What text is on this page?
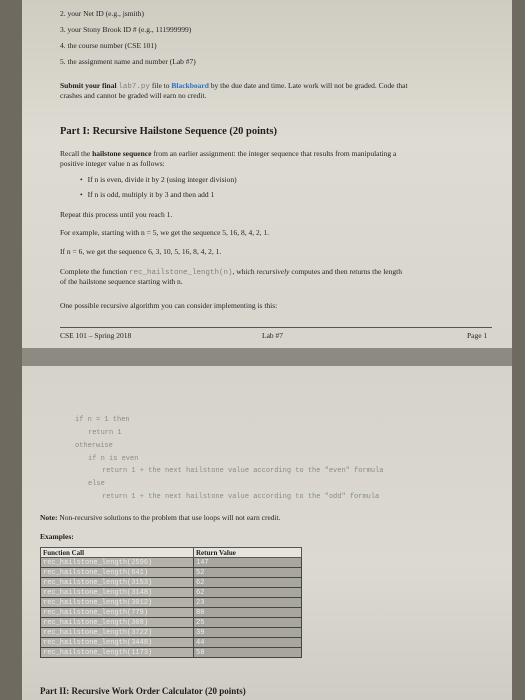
2. your Net ID (e.g., jsmith)
3. your Stony Brook ID # (e.g., 111999999)
4. the course number (CSE 101)
5. the assignment name and number (Lab #7)
Submit your final lab7.py file to Blackboard by the due date and time. Late work will not be graded. Code that
crashes and cannot be graded will earn no credit.
Part I: Recursive Hailstone Sequence (20 points)
Recall the hailstone sequence from an earlier assignment: the integer sequence that results from manipulating a
positive integer value n as follows:
• If n is even, divide it by 2 (using integer division)
• If n is odd, multiply it by 3 and then add 1
Repeat this process until you reach 1.
For example, starting with n = 5, we get the sequence 5, 16, 8, 4, 2, 1.
If n = 6, we get the sequence 6, 3, 10, 5, 16, 8, 4, 2, 1.
Complete the function rec_hailstone_length(n), which recursively computes and then returns the length
of the hailstone sequence starting with n.
One possible recursive algorithm you can consider implementing is this:
CSE 101 – Spring 2018	Lab #7	Page 1
if n = 1 then
return 1
otherwise
if n is even
return 1 + the next hailstone value according to the "even" formula
else
return 1 + the next hailstone value according to the "odd" formula
Note: Non-recursive solutions to the problem that use loops will not earn credit.
Examples:
Function Call	Return Value
rec_hailstone_length(2596)	147
rec_hailstone_length(641)	52
rec_hailstone_length(3153)	62
rec_hailstone_length(3148)	62
rec_hailstone_length(3012)	23
rec_hailstone_length(779)	80
rec_hailstone_length(308)	25
rec_hailstone_length(3722)	39
rec_hailstone_length(3448)	44
rec_hailstone_length(1173)	58
Part II: Recursive Work Order Calculator (20 points)
